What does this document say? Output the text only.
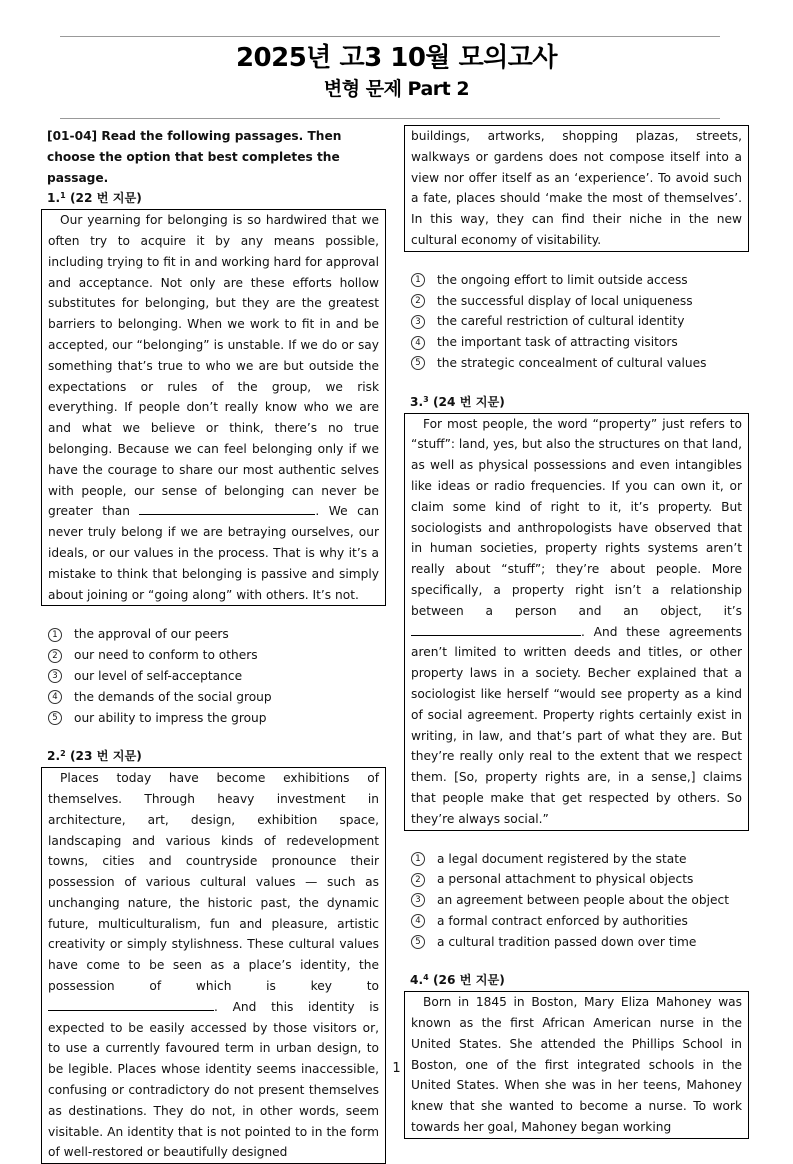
2025년 고3 10월 모의고사
변형 문제 Part 2

[01-04] Read the following passages. Then choose the option that best completes the passage.

1.$^1$ (22 번 지문)
Our yearning for belonging is so hardwired that we often try to acquire it by any means possible, including trying to fit in and working hard for approval and acceptance. Not only are these efforts hollow substitutes for belonging, but they are the greatest barriers to belonging. When we work to fit in and be accepted, our “belonging” is unstable. If we do or say something that’s true to who we are but outside the expectations or rules of the group, we risk everything. If people don’t really know who we are and what we believe or think, there’s no true belonging. Because we can feel belonging only if we have the courage to share our most authentic selves with people, our sense of belonging can never be greater than	. We can never truly belong if we are betraying ourselves, our ideals, or our values in the process. That is why it’s a mistake to think that belonging is passive and simply about joining or “going along” with others. It’s not.
1	the approval of our peers
2	our need to conform to others
3	our level of self-acceptance
4	the demands of the social group
5	our ability to impress the group
2.$^2$ (23 번 지문)
Places today have become exhibitions of themselves. Through heavy investment in architecture, art, design, exhibition space, landscaping and various kinds of redevelopment towns, cities and countryside pronounce their possession of various cultural values — such as unchanging nature, the historic past, the dynamic future, multiculturalism, fun and pleasure, artistic creativity or simply stylishness. These cultural values have come to be seen as a place’s identity, the possession of which is key to . And this identity is expected to be easily accessed by those visitors or, to use a currently favoured term in urban design, to be legible. Places whose identity seems inaccessible, confusing or contradictory do not present themselves as destinations. They do not, in other words, seem visitable. An identity that is not pointed to in the form of well-restored or beautifully designed
buildings, artworks, shopping plazas, streets, walkways or gardens does not compose itself into a view nor offer itself as an ‘experience’. To avoid such a fate, places should ‘make the most of themselves’. In this way, they can find their niche in the new cultural economy of visitability.
1	the ongoing effort to limit outside access
2	the successful display of local uniqueness
3	the careful restriction of cultural identity
4	the important task of attracting visitors
5	the strategic concealment of cultural values
3.$^3$ (24 번 지문)
For most people, the word “property” just refers to “stuff”: land, yes, but also the structures on that land, as well as physical possessions and even intangibles like ideas or radio frequencies. If you can own it, or claim some kind of right to it, it’s property. But sociologists and anthropologists have observed that in human societies, property rights systems aren’t really about “stuff”; they’re about people. More specifically, a property right isn’t a relationship between a person and an object, it’s . And these agreements aren’t limited to written deeds and titles, or other property laws in a society. Becher explained that a sociologist like herself “would see property as a kind of social agreement. Property rights certainly exist in writing, in law, and that’s part of what they are. But they’re really only real to the extent that we respect them. [So, property rights are, in a sense,] claims that people make that get respected by others. So they’re always social.”
1	a legal document registered by the state
2	a personal attachment to physical objects
3	an agreement between people about the object
4	a formal contract enforced by authorities
5	a cultural tradition passed down over time
4.$^4$ (26 번 지문)
Born in 1845 in Boston, Mary Eliza Mahoney was known as the first African American nurse in the United States. She attended the Phillips School in Boston, one of the first integrated schools in the United States. When she was in her teens, Mahoney knew that she wanted to become a nurse. To work towards her goal, Mahoney began working
1
